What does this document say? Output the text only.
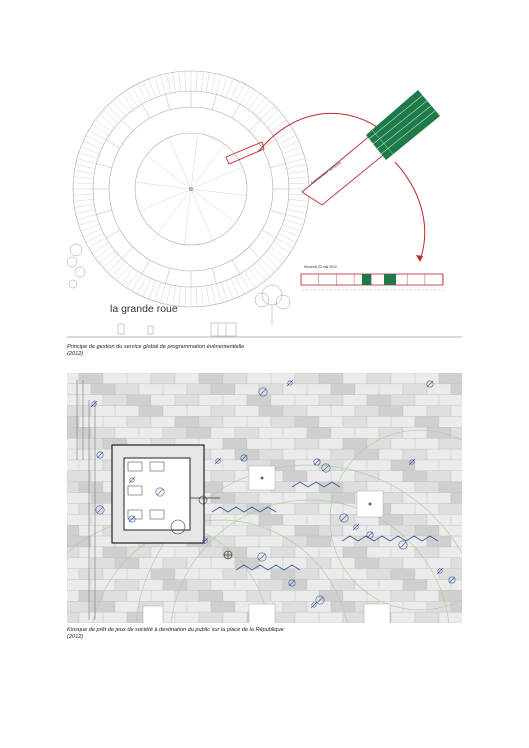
la grande roue
Mercredi 23 mai 2012
Gymnastique suédoise
Principe de gestion du service global de programmation évènementielle
(2012)
Kiosque de prêt de jeux de société à destination du public sur la place de la République
(2012)
